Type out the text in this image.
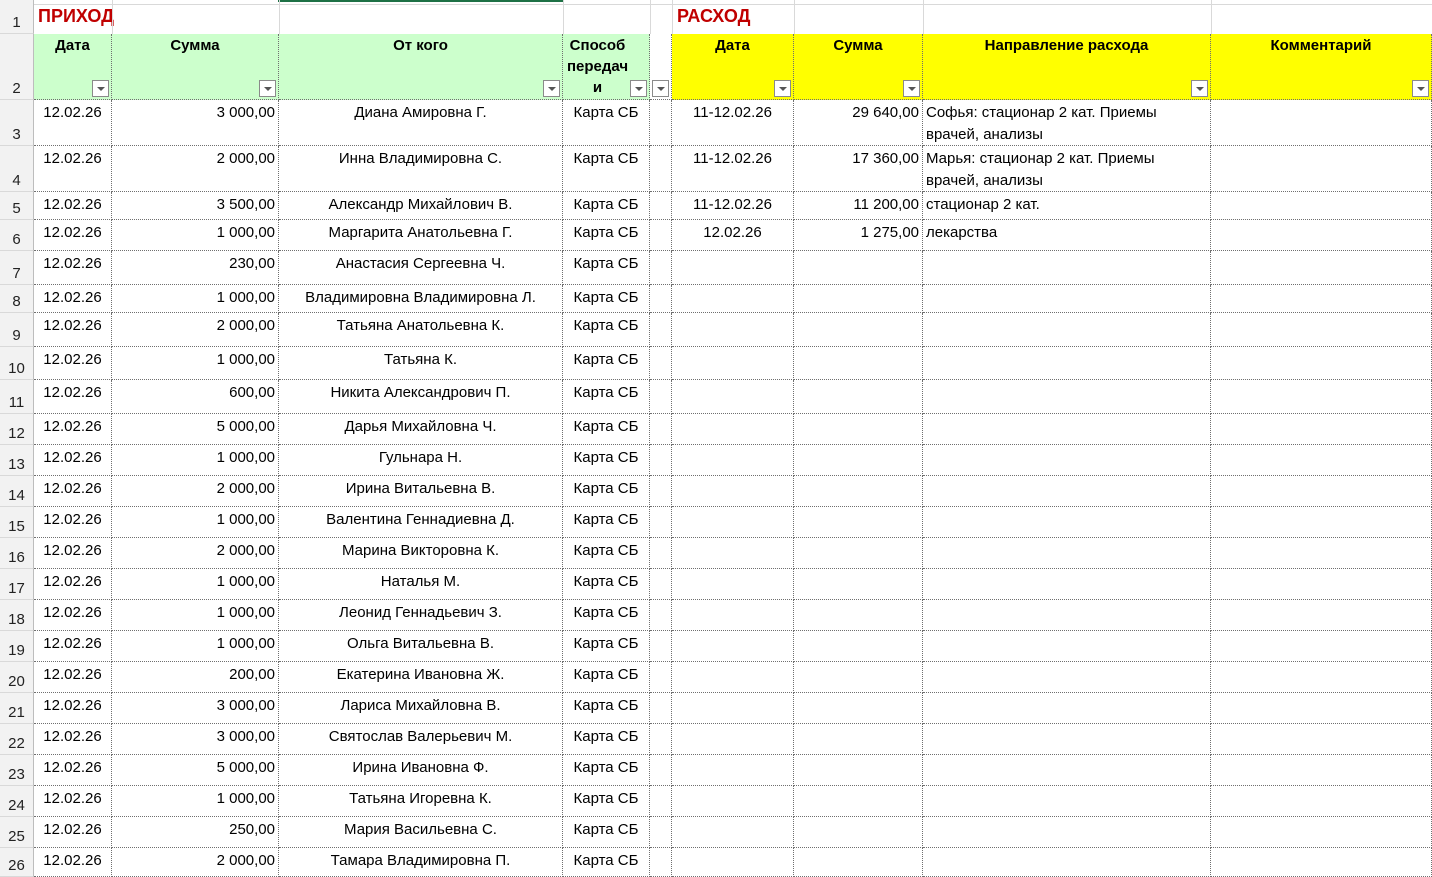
ПРИХОД	РАСХОД
1
2
3
4
5
6
7
8
9
10
11
12
13
14
15
16
17
18
19
20
21
22
23
24
25
26
Дата	Сумма	От кого	Способ
передач
и
12.02.26	3 000,00	Диана Амировна Г.	Карта СБ
12.02.26	2 000,00	Инна Владимировна С.	Карта СБ
12.02.26	3 500,00	Александр Михайлович В.	Карта СБ
12.02.26	1 000,00	Маргарита Анатольевна Г.	Карта СБ
12.02.26	230,00	Анастасия Сергеевна Ч.	Карта СБ
12.02.26	1 000,00	Владимировна Владимировна Л.	Карта СБ
12.02.26	2 000,00	Татьяна Анатольевна К.	Карта СБ
12.02.26	1 000,00	Татьяна К.	Карта СБ
12.02.26	600,00	Никита Александрович П.	Карта СБ
12.02.26	5 000,00	Дарья Михайловна Ч.	Карта СБ
12.02.26	1 000,00	Гульнара Н.	Карта СБ
12.02.26	2 000,00	Ирина Витальевна В.	Карта СБ
12.02.26	1 000,00	Валентина Геннадиевна Д.	Карта СБ
12.02.26	2 000,00	Марина Викторовна К.	Карта СБ
12.02.26	1 000,00	Наталья М.	Карта СБ
12.02.26	1 000,00	Леонид Геннадьевич З.	Карта СБ
12.02.26	1 000,00	Ольга Витальевна В.	Карта СБ
12.02.26	200,00	Екатерина Ивановна Ж.	Карта СБ
12.02.26	3 000,00	Лариса Михайловна В.	Карта СБ
12.02.26	3 000,00	Святослав Валерьевич М.	Карта СБ
12.02.26	5 000,00	Ирина Ивановна Ф.	Карта СБ
12.02.26	1 000,00	Татьяна Игоревна К.	Карта СБ
12.02.26	250,00	Мария Васильевна С.	Карта СБ
12.02.26	2 000,00	Тамара Владимировна П.	Карта СБ
Дата	Сумма	Направление расхода	Комментарий
11-12.02.26	29 640,00 Софья: стационар 2 кат. Приемы врачей, анализы
11-12.02.26	17 360,00 Марья: стационар 2 кат. Приемы врачей, анализы
11-12.02.26	11 200,00 стационар 2 кат.
12.02.26	1 275,00 лекарства
